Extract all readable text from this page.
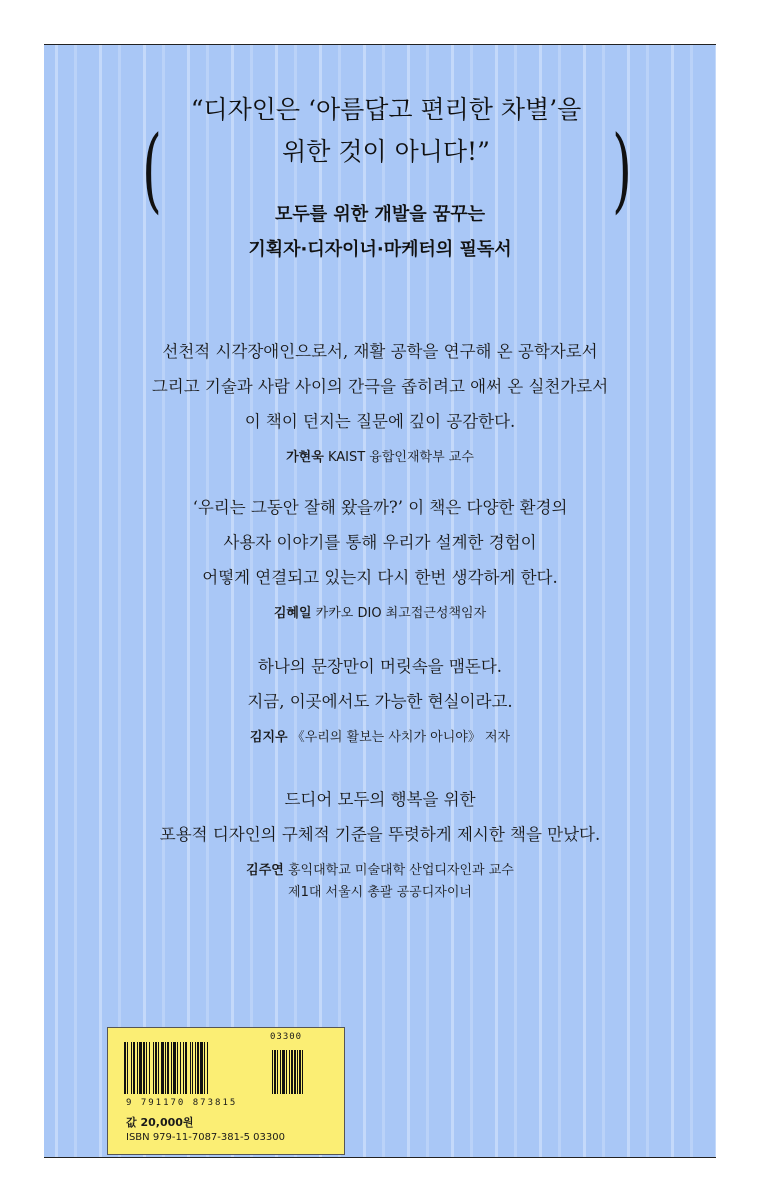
(
“디자인은 ‘아름답고 편리한 차별’을
위한 것이 아니다!”	)
모두를 위한 개발을 꿈꾸는
기획자·디자이너·마케터의 필독서
선천적 시각장애인으로서, 재활 공학을 연구해 온 공학자로서
그리고 기술과 사람 사이의 간극을 좁히려고 애써 온 실천가로서
이 책이 던지는 질문에 깊이 공감한다.
가현욱 KAIST 융합인재학부 교수
‘우리는 그동안 잘해 왔을까?’ 이 책은 다양한 환경의
사용자 이야기를 통해 우리가 설계한 경험이
어떻게 연결되고 있는지 다시 한번 생각하게 한다.
김혜일 카카오 DIO 최고접근성책임자
하나의 문장만이 머릿속을 맴돈다.
지금, 이곳에서도 가능한 현실이라고.
김지우 《우리의 활보는 사치가 아니야》 저자
드디어 모두의 행복을 위한
포용적 디자인의 구체적 기준을 뚜렷하게 제시한 책을 만났다.
김주연 홍익대학교 미술대학 산업디자인과 교수
제1대 서울시 총괄 공공디자이너
03300
9 791170 873815
값 20,000원
ISBN 979-11-7087-381-5 03300
